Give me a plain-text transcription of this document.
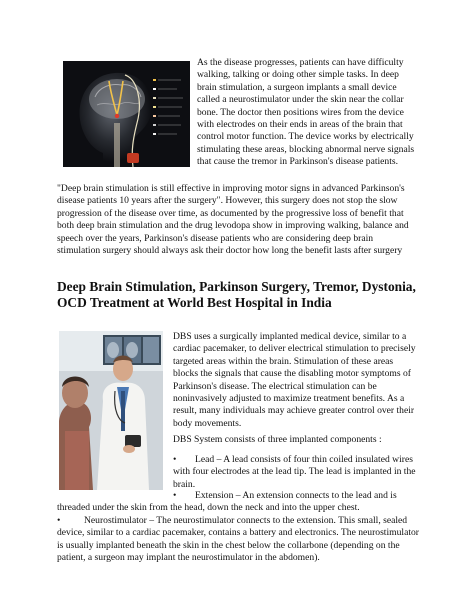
As the disease progresses, patients can have difficulty walking, talking or doing other simple tasks. In deep brain stimulation, a surgeon implants a small device called a neurostimulator under the skin near the collar bone. The doctor then positions wires from the device with electrodes on their ends in areas of the brain that control motor function. The device works by electrically stimulating these areas, blocking abnormal nerve signals that cause the tremor in Parkinson's disease patients.

"Deep brain stimulation is still effective in improving motor signs in advanced Parkinson's disease patients 10 years after the surgery". However, this surgery does not stop the slow progression of the disease over time, as documented by the progressive loss of benefit that both deep brain stimulation and the drug levodopa show in improving walking, balance and speech over the years, Parkinson's disease patients who are considering deep brain stimulation surgery should always ask their doctor how long the benefit lasts after surgery

Deep Brain Stimulation, Parkinson Surgery, Tremor, Dystonia, OCD Treatment at World Best Hospital in India

DBS uses a surgically implanted medical device, similar to a cardiac pacemaker, to deliver electrical stimulation to precisely targeted areas within the brain. Stimulation of these areas blocks the signals that cause the disabling motor symptoms of Parkinson's disease. The electrical stimulation can be noninvasively adjusted to maximize treatment benefits. As a result, many individuals may achieve greater control over their body movements.

DBS System consists of three implanted components :

• Lead – A lead consists of four thin coiled insulated wires with four electrodes at the lead tip. The lead is implanted in the brain.

• Extension – An extension connects to the lead and is threaded under the skin from the head, down the neck and into the upper chest.

• Neurostimulator – The neurostimulator connects to the extension. This small, sealed device, similar to a cardiac pacemaker, contains a battery and electronics. The neurostimulator is usually implanted beneath the skin in the chest below the collarbone (depending on the patient, a surgeon may implant the neurostimulator in the abdomen).
